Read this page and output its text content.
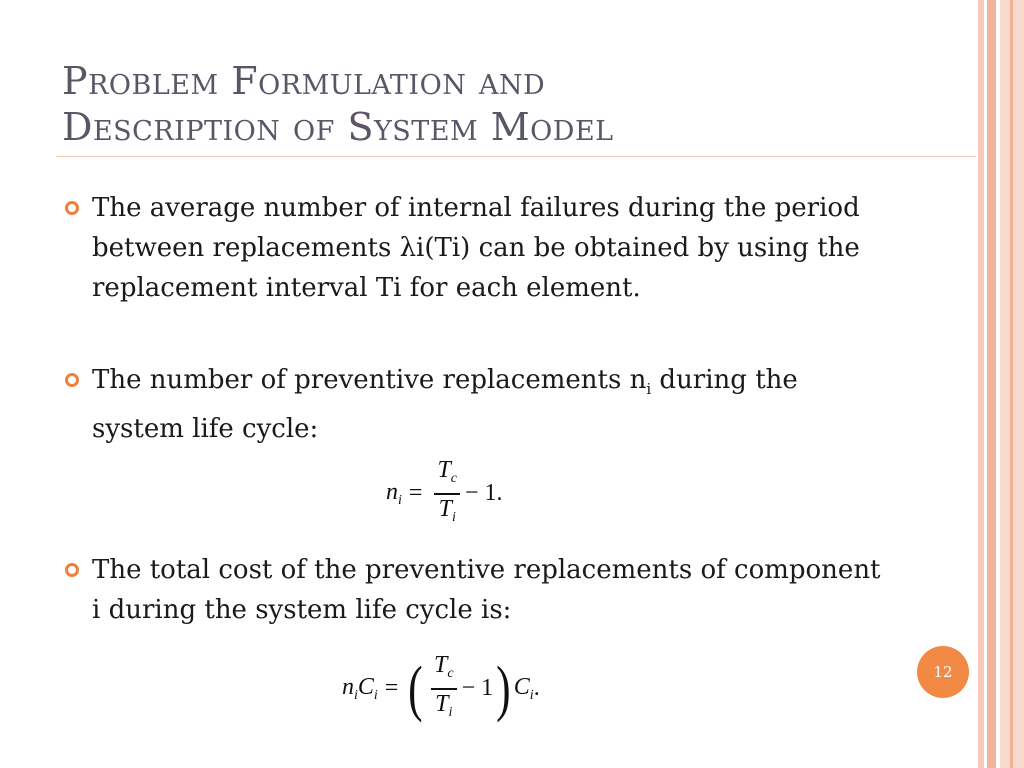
Problem Formulation and
Description of System Model
The average number of internal failures during the period between replacements λi(Ti) can be obtained by using the replacement interval Ti for each element.
The number of preventive replacements $n_i$ during the system life cycle:
$n_i = \frac{T_c}{T_i} - 1$.
The total cost of the preventive replacements of component i during the system life cycle is:
$n_iC_i$ = ( $\frac{T_c}{T_i} - 1$ ) $C_i$ .
12
